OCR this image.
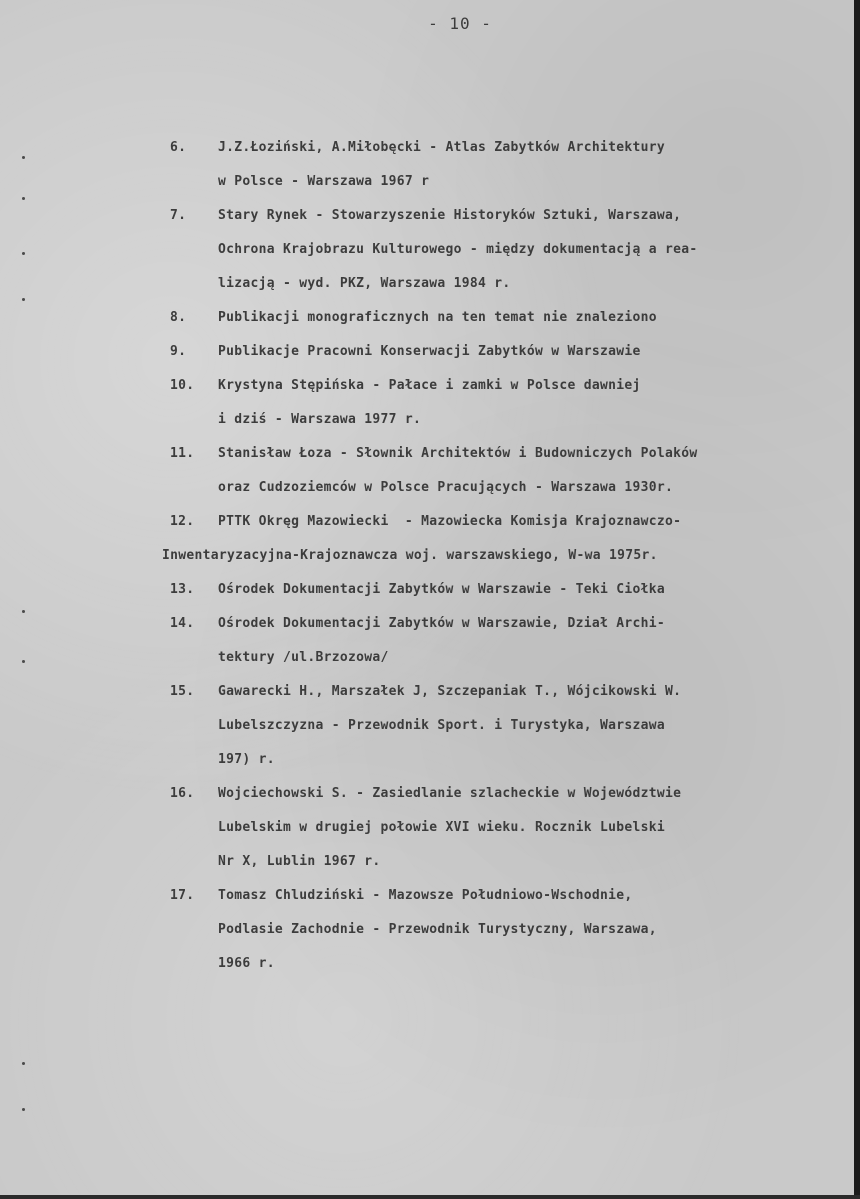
- 10 -
6. J.Z.Łoziński, A.Miłobęcki - Atlas Zabytków Architektury
w Polsce - Warszawa 1967 r
7. Stary Rynek - Stowarzyszenie Historyków Sztuki, Warszawa,
Ochrona Krajobrazu Kulturowego - między dokumentacją a rea-
lizacją - wyd. PKZ, Warszawa 1984 r.
8. Publikacji monograficznych na ten temat nie znaleziono
9. Publikacje Pracowni Konserwacji Zabytków w Warszawie
10. Krystyna Stępińska - Pałace i zamki w Polsce dawniej
i dziś - Warszawa 1977 r.
11. Stanisław Łoza - Słownik Architektów i Budowniczych Polaków
oraz Cudzoziemców w Polsce Pracujących - Warszawa 1930r.
12. PTTK Okręg Mazowiecki  - Mazowiecka Komisja Krajoznawczo-
Inwentaryzacyjna-Krajoznawcza woj. warszawskiego, W-wa 1975r.
13. Ośrodek Dokumentacji Zabytków w Warszawie - Teki Ciołka
14. Ośrodek Dokumentacji Zabytków w Warszawie, Dział Archi-
tektury /ul.Brzozowa/
15. Gawarecki H., Marszałek J, Szczepaniak T., Wójcikowski W.
Lubelszczyzna - Przewodnik Sport. i Turystyka, Warszawa
197) r.
16. Wojciechowski S. - Zasiedlanie szlacheckie w Województwie
Lubelskim w drugiej połowie XVI wieku. Rocznik Lubelski
Nr X, Lublin 1967 r.
17. Tomasz Chludziński - Mazowsze Południowo-Wschodnie,
Podlasie Zachodnie - Przewodnik Turystyczny, Warszawa,
1966 r.
